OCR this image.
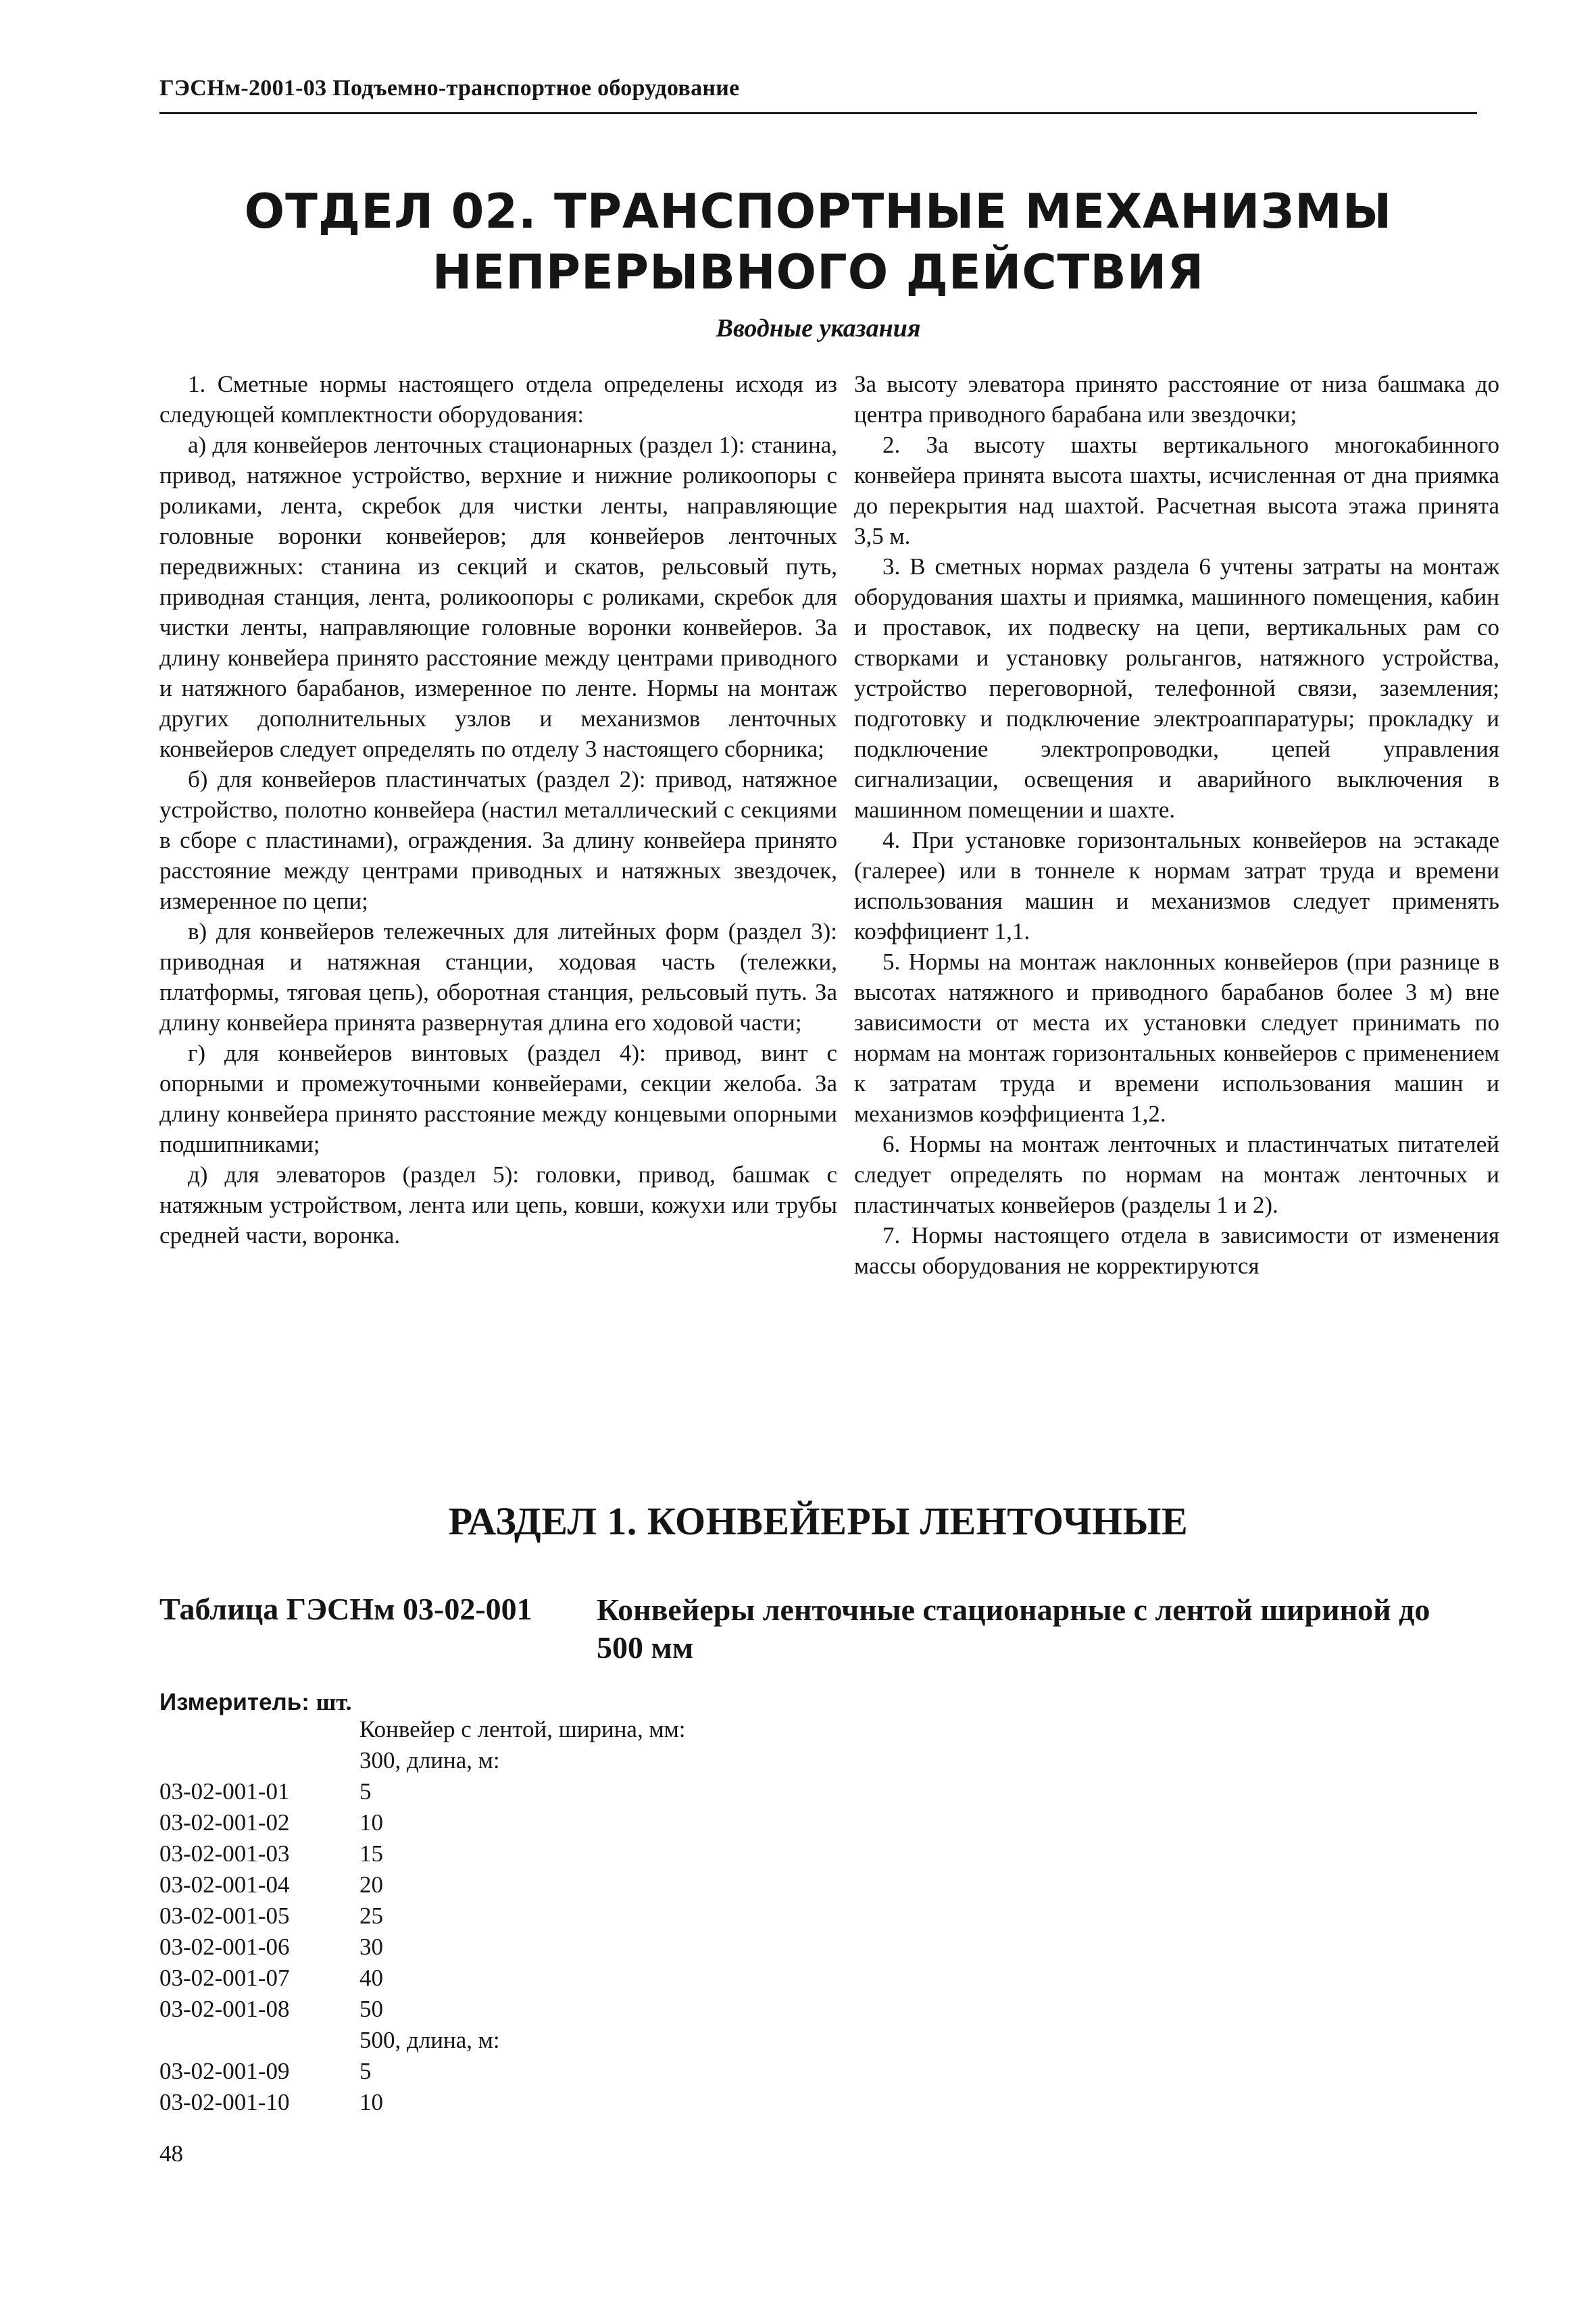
ГЭСНм-2001-03 Подъемно-транспортное оборудование
ОТДЕЛ 02. ТРАНСПОРТНЫЕ МЕХАНИЗМЫ
НЕПРЕРЫВНОГО ДЕЙСТВИЯ
Вводные указания

1. Сметные нормы настоящего отдела определены исходя из следующей комплектности оборудования:

а) для конвейеров ленточных стационарных (раздел 1): станина, привод, натяжное устройство, верхние и нижние роликоопоры с роликами, лента, скребок для чистки ленты, направляющие головные воронки конвейеров; для конвейеров ленточных передвижных: станина из секций и скатов, рельсовый путь, приводная станция, лента, роликоопоры с роликами, скребок для чистки ленты, направляющие головные воронки конвейеров. За длину конвейера принято расстояние между центрами приводного и натяжного барабанов, измеренное по ленте. Нормы на монтаж других дополнительных узлов и механизмов ленточных конвейеров следует определять по отделу 3 настоящего сборника;

б) для конвейеров пластинчатых (раздел 2): привод, натяжное устройство, полотно конвейера (настил металлический с секциями в сборе с пластинами), ограждения. За длину конвейера принято расстояние между центрами приводных и натяжных звездочек, измеренное по цепи;

в) для конвейеров тележечных для литейных форм (раздел 3): приводная и натяжная станции, ходовая часть (тележки, платформы, тяговая цепь), оборотная станция, рельсовый путь. За длину конвейера принята развернутая длина его ходовой части;

г) для конвейеров винтовых (раздел 4): привод, винт с опорными и промежуточными конвейерами, секции желоба. За длину конвейера принято расстояние между концевыми опорными подшипниками;

д) для элеваторов (раздел 5): головки, привод, башмак с натяжным устройством, лента или цепь, ковши, кожухи или трубы средней части, воронка.

За высоту элеватора принято расстояние от низа башмака до центра приводного барабана или звездочки;

2. За высоту шахты вертикального многокабинного конвейера принята высота шахты, исчисленная от дна приямка до перекрытия над шахтой. Расчетная высота этажа принята 3,5 м.

3. В сметных нормах раздела 6 учтены затраты на монтаж оборудования шахты и приямка, машинного помещения, кабин и проставок, их подвеску на цепи, вертикальных рам со створками и установку рольгангов, натяжного устройства, устройство переговорной, телефонной связи, заземления; подготовку и подключение электроаппаратуры; прокладку и подключение электропроводки, цепей управления сигнализации, освещения и аварийного выключения в машинном помещении и шахте.

4. При установке горизонтальных конвейеров на эстакаде (галерее) или в тоннеле к нормам затрат труда и времени использования машин и механизмов следует применять коэффициент 1,1.

5. Нормы на монтаж наклонных конвейеров (при разнице в высотах натяжного и приводного барабанов более 3 м) вне зависимости от места их установки следует принимать по нормам на монтаж горизонтальных конвейеров с применением к затратам труда и времени использования машин и механизмов коэффициента 1,2.

6. Нормы на монтаж ленточных и пластинчатых питателей следует определять по нормам на монтаж ленточных и пластинчатых конвейеров (разделы 1 и 2).

7. Нормы настоящего отдела в зависимости от изменения массы оборудования не корректируются

РАЗДЕЛ 1. КОНВЕЙЕРЫ ЛЕНТОЧНЫЕ
Таблица ГЭСНм 03-02-001 Конвейеры ленточные стационарные с лентой шириной до 500 мм
Измеритель: шт.
Конвейер с лентой, ширина, мм:
300, длина, м:
03-02-001-01	5
03-02-001-02	10
03-02-001-03	15
03-02-001-04	20
03-02-001-05	25
03-02-001-06	30
03-02-001-07	40
03-02-001-08	50
500, длина, м:
03-02-001-09	5
03-02-001-10	10
48
